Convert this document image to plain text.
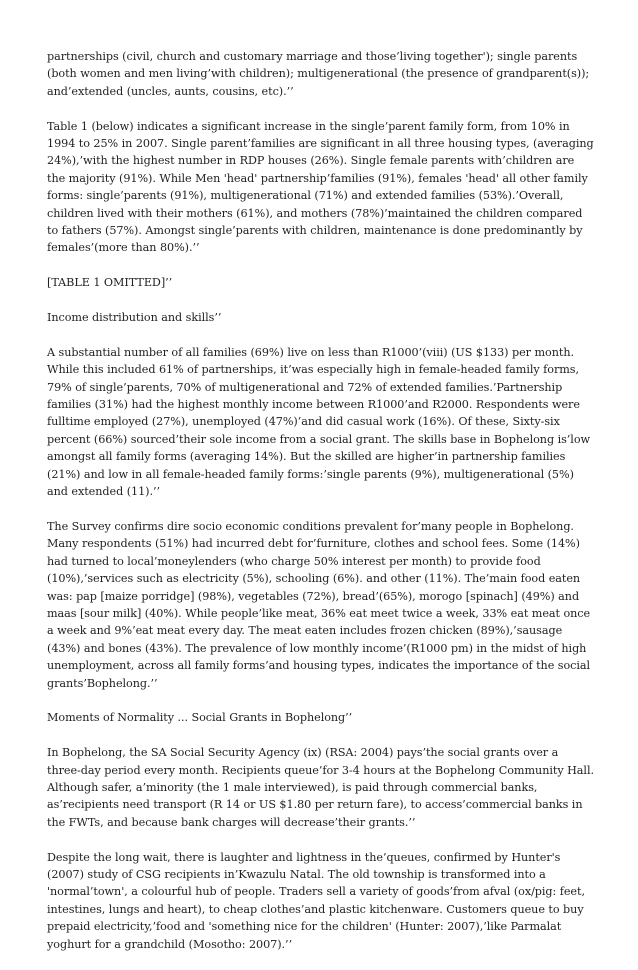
partnerships (civil, church and customary marriage and those’living together'); single parents (both women and men living’with children); multigenerational (the presence of grandparent(s)); and’extended (uncles, aunts, cousins, etc).’’

Table 1 (below) indicates a significant increase in the single’parent family form, from 10% in 1994 to 25% in 2007. Single parent’families are significant in all three housing types, (averaging 24%),’with the highest number in RDP houses (26%). Single female parents with’children are the majority (91%). While Men 'head' partnership’families (91%), females 'head' all other family forms: single’parents (91%), multigenerational (71%) and extended families (53%).’Overall, children lived with their mothers (61%), and mothers (78%)’maintained the children compared to fathers (57%). Amongst single’parents with children, maintenance is done predominantly by females’(more than 80%).’’

[TABLE 1 OMITTED]’’

Income distribution and skills’’

A substantial number of all families (69%) live on less than R1000’(viii) (US $133) per month. While this included 61% of partnerships, it’was especially high in female-headed family forms, 79% of single’parents, 70% of multigenerational and 72% of extended families.’Partnership families (31%) had the highest monthly income between R1000’and R2000. Respondents were fulltime employed (27%), unemployed (47%)’and did casual work (16%). Of these, Sixty-six percent (66%) sourced’their sole income from a social grant. The skills base in Bophelong is’low amongst all family forms (averaging 14%). But the skilled are higher’in partnership families (21%) and low in all female-headed family forms:’single parents (9%), multigenerational (5%) and extended (11).’’

The Survey confirms dire socio economic conditions prevalent for’many people in Bophelong. Many respondents (51%) had incurred debt for’furniture, clothes and school fees. Some (14%) had turned to local’moneylenders (who charge 50% interest per month) to provide food (10%),’services such as electricity (5%), schooling (6%). and other (11%). The’main food eaten was: pap [maize porridge] (98%), vegetables (72%), bread’(65%), morogo [spinach] (49%) and maas [sour milk] (40%). While people’like meat, 36% eat meet twice a week, 33% eat meat once a week and 9%’eat meat every day. The meat eaten includes frozen chicken (89%),’sausage (43%) and bones (43%). The prevalence of low monthly income’(R1000 pm) in the midst of high unemployment, across all family forms’and housing types, indicates the importance of the social grants’Bophelong.’’

Moments of Normality ... Social Grants in Bophelong’’

In Bophelong, the SA Social Security Agency (ix) (RSA: 2004) pays’the social grants over a three-day period every month. Recipients queue’for 3-4 hours at the Bophelong Community Hall. Although safer, a’minority (the 1 male interviewed), is paid through commercial banks, as’recipients need transport (R 14 or US $1.80 per return fare), to access’commercial banks in the FWTs, and because bank charges will decrease’their grants.’’

Despite the long wait, there is laughter and lightness in the’queues, confirmed by Hunter's (2007) study of CSG recipients in’Kwazulu Natal. The old township is transformed into a 'normal’town', a colourful hub of people. Traders sell a variety of goods’from afval (ox/pig: feet, intestines, lungs and heart), to cheap clothes’and plastic kitchenware. Customers queue to buy prepaid electricity,’food and 'something nice for the children' (Hunter: 2007),’like Parmalat yoghurt for a grandchild (Mosotho: 2007).’’
